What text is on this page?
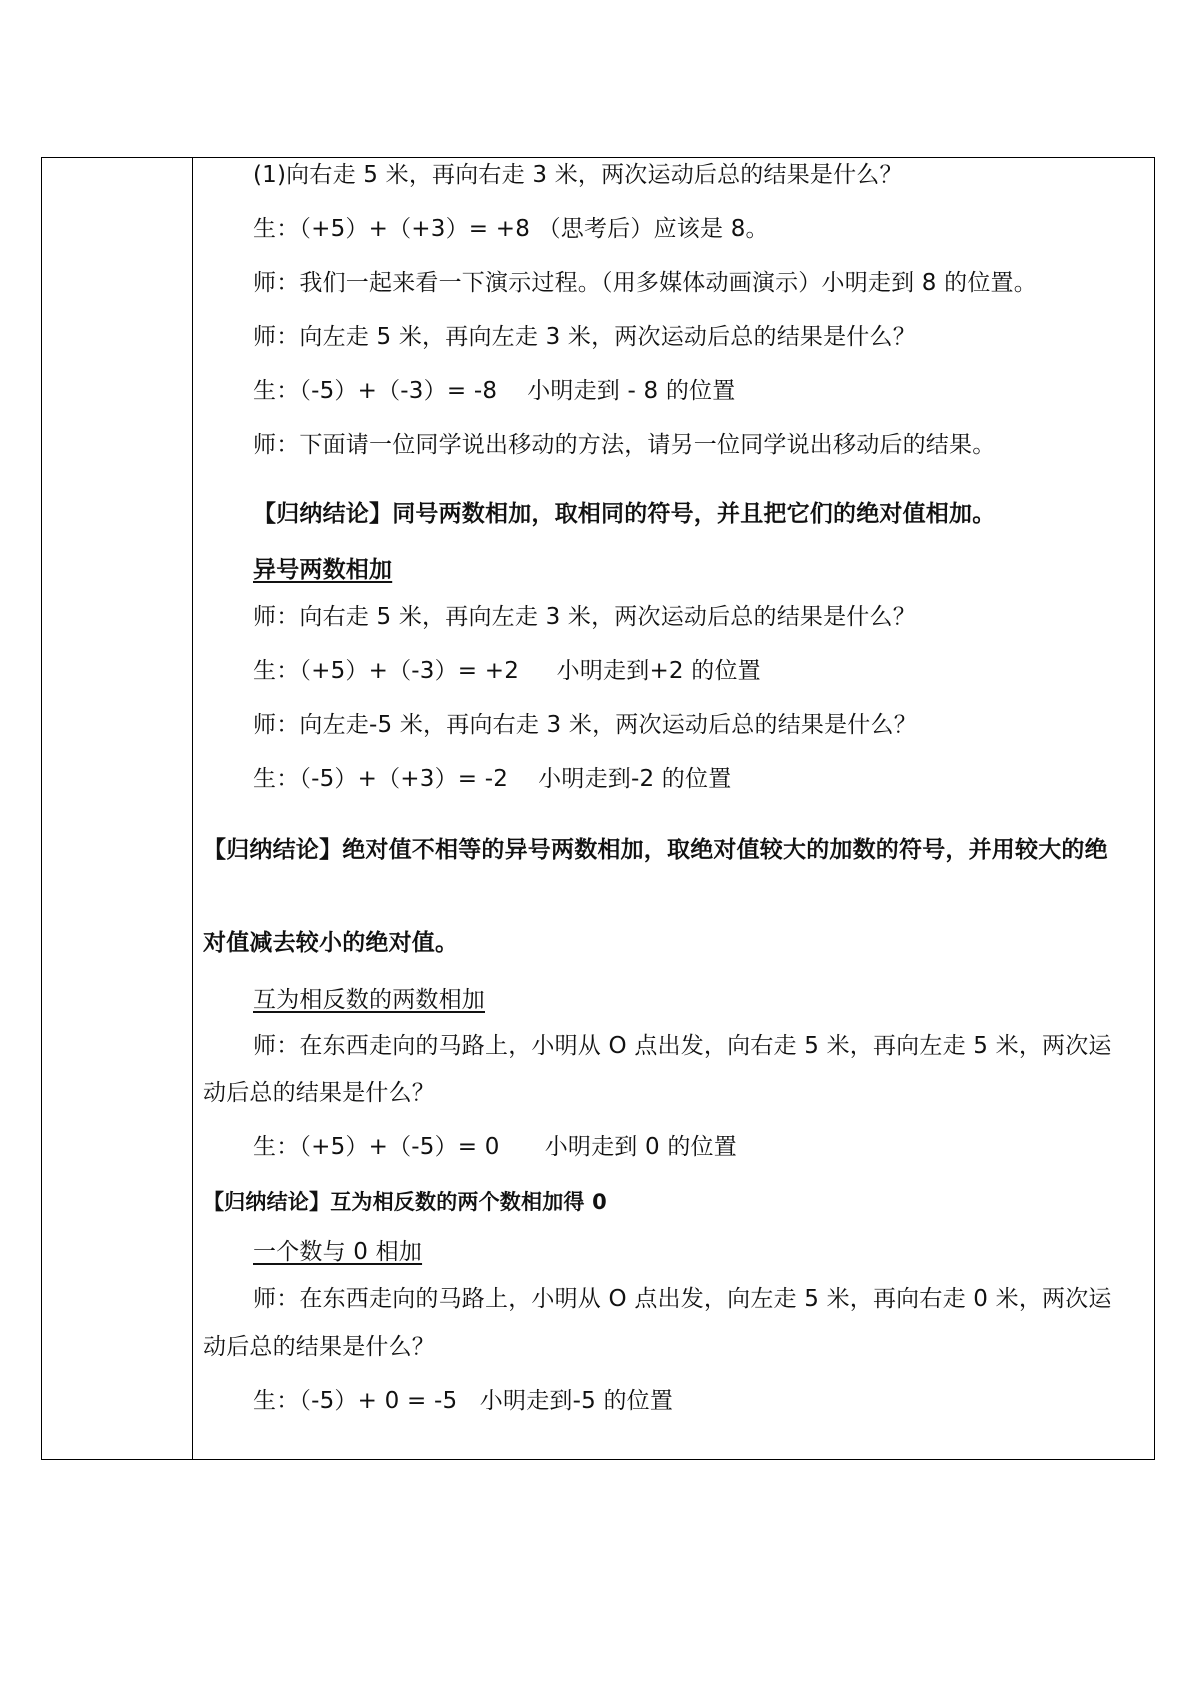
(1)向右走 5 米，再向右走 3 米，两次运动后总的结果是什么？
生：（+5）+（+3）= +8 （思考后）应该是 8。
师：我们一起来看一下演示过程。（用多媒体动画演示）小明走到 8 的位置。
师：向左走 5 米，再向左走 3 米，两次运动后总的结果是什么？
生：（-5）+（-3）= -8    小明走到 - 8 的位置
师：下面请一位同学说出移动的方法，请另一位同学说出移动后的结果。
【归纳结论】同号两数相加，取相同的符号，并且把它们的绝对值相加。
异号两数相加
师：向右走 5 米，再向左走 3 米，两次运动后总的结果是什么？
生：（+5）+（-3）= +2     小明走到+2 的位置
师：向左走-5 米，再向右走 3 米，两次运动后总的结果是什么？
生：（-5）+（+3）= -2    小明走到-2 的位置
【归纳结论】绝对值不相等的异号两数相加，取绝对值较大的加数的符号，并用较大的绝
对值减去较小的绝对值。
互为相反数的两数相加
师：在东西走向的马路上，小明从 O 点出发，向右走 5 米，再向左走 5 米，两次运
动后总的结果是什么？
生：（+5）+（-5）= 0      小明走到 0 的位置
【归纳结论】互为相反数的两个数相加得 0
一个数与 0 相加
师：在东西走向的马路上，小明从 O 点出发，向左走 5 米，再向右走 0 米，两次运
动后总的结果是什么？
生：（-5）+ 0 = -5   小明走到-5 的位置
